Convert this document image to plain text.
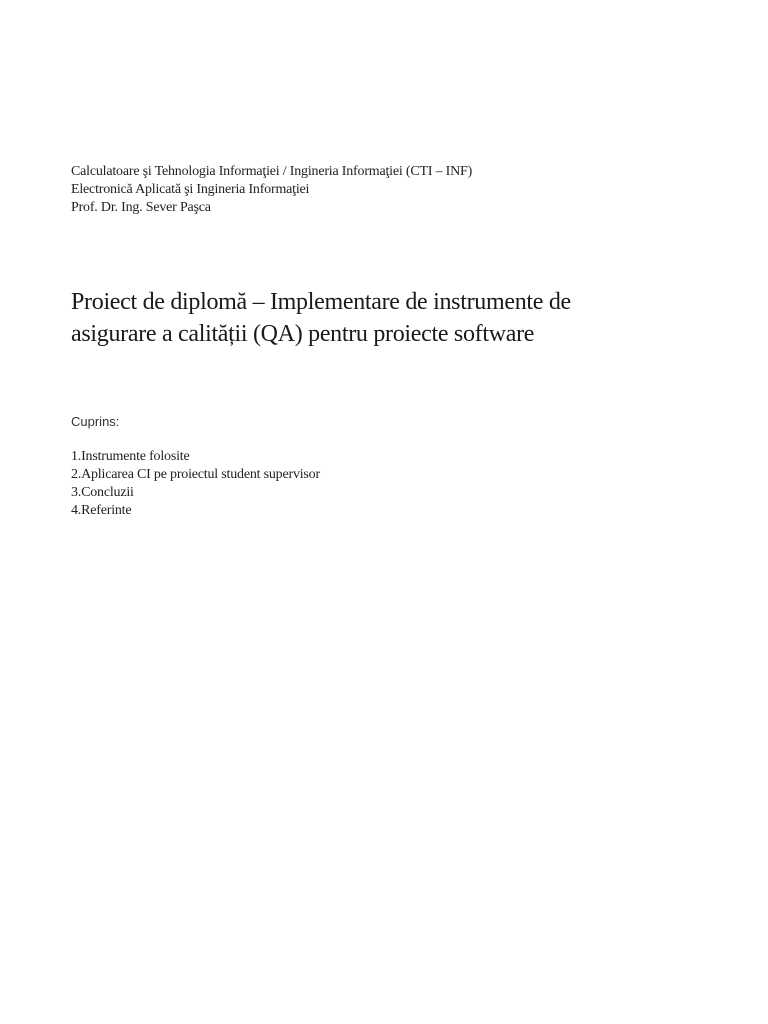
Calculatoare şi Tehnologia Informaţiei / Ingineria Informaţiei (CTI – INF)
Electronică Aplicată şi Ingineria Informaţiei
Prof. Dr. Ing. Sever Paşca
Proiect de diplomă – Implementare de instrumente de
asigurare a calității (QA) pentru proiecte software
Cuprins:
1.Instrumente folosite
2.Aplicarea CI pe proiectul student supervisor
3.Concluzii
4.Referinte
